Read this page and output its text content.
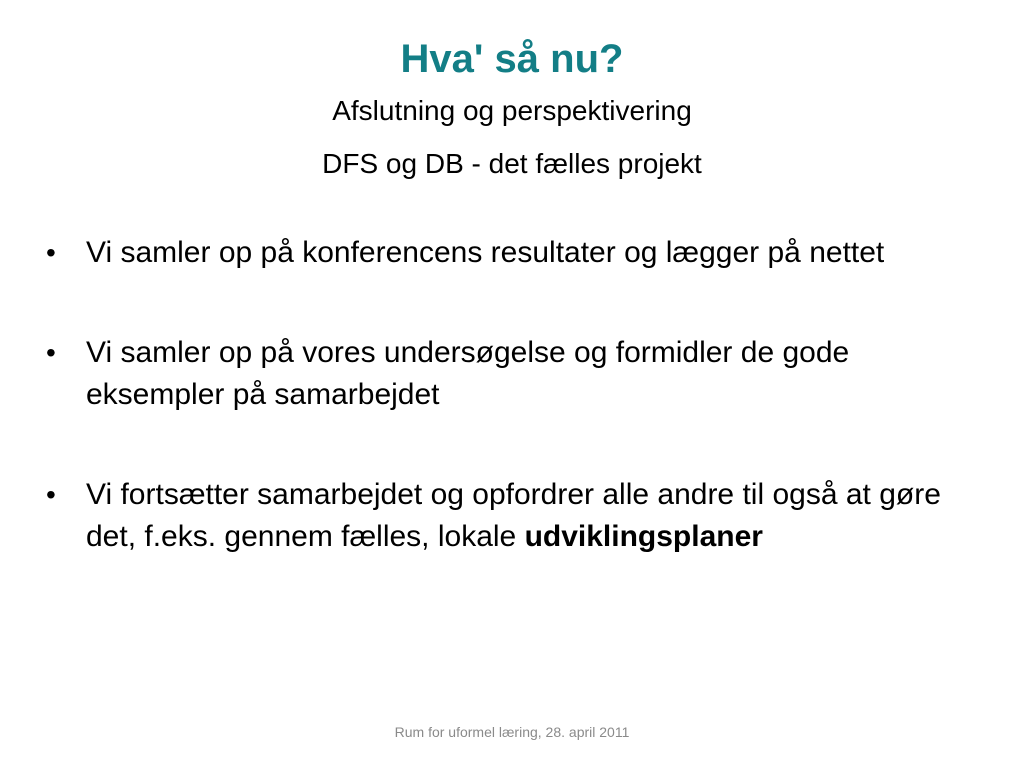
Hva' så nu?
Afslutning og perspektivering
DFS og DB - det fælles projekt
• Vi samler op på konferencens resultater og lægger på nettet
• Vi samler op på vores undersøgelse og formidler de gode eksempler på samarbejdet
• Vi fortsætter samarbejdet og opfordrer alle andre til også at gøre det, f.eks. gennem fælles, lokale udviklingsplaner
Rum for uformel læring, 28. april 2011
